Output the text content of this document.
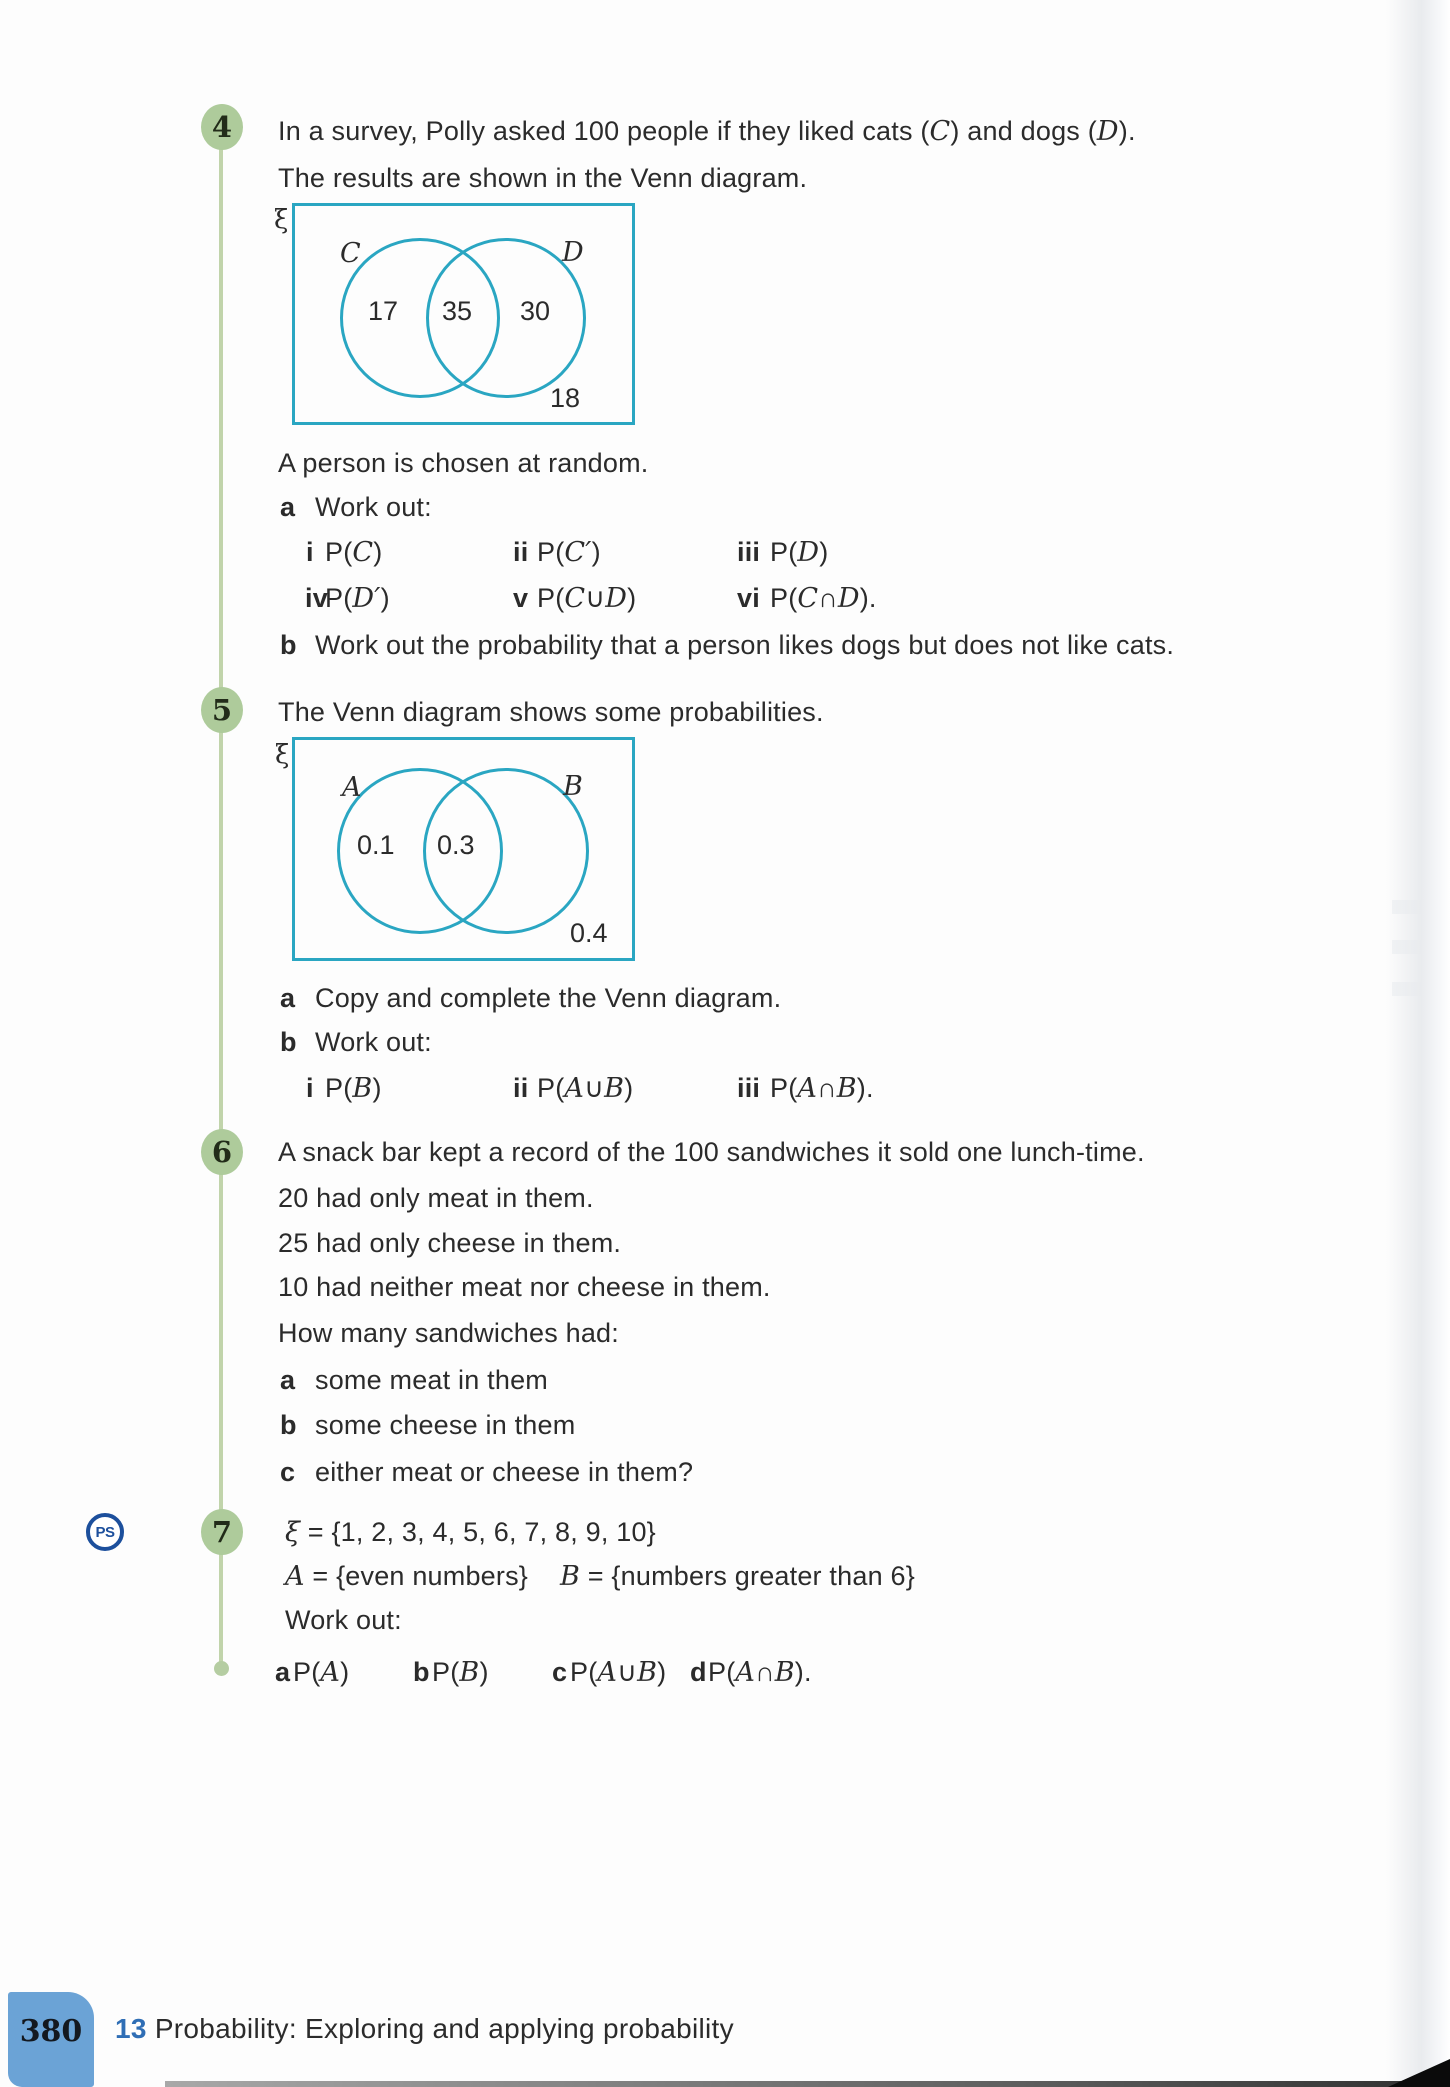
4	In a survey, Polly asked 100 people if they liked cats (C) and dogs (D).
The results are shown in the Venn diagram.
ξ
C	D
17 35 30
18
A person is chosen at random.
a Work out:
i P(C)	ii P(C′)	iii P(D)
ivP(D′)	v P(C∪D)	vi P(C∩D).
b Work out the probability that a person likes dogs but does not like cats.
5	The Venn diagram shows some probabilities.
ξ
A	B
0.1 0.3
0.4
a Copy and complete the Venn diagram.
b Work out:
i P(B)	ii P(A∪B)	iii P(A∩B).
6	A snack bar kept a record of the 100 sandwiches it sold one lunch-time.
20 had only meat in them.
25 had only cheese in them.
10 had neither meat nor cheese in them.
How many sandwiches had:
a some meat in them
b some cheese in them
c either meat or cheese in them?
PS	7	ξ = {1, 2, 3, 4, 5, 6, 7, 8, 9, 10}
A = {even numbers} B = {numbers greater than 6}
Work out:
a P(A) bP(B) c P(A∪B) dP(A∩B).
380	13 Probability: Exploring and applying probability
